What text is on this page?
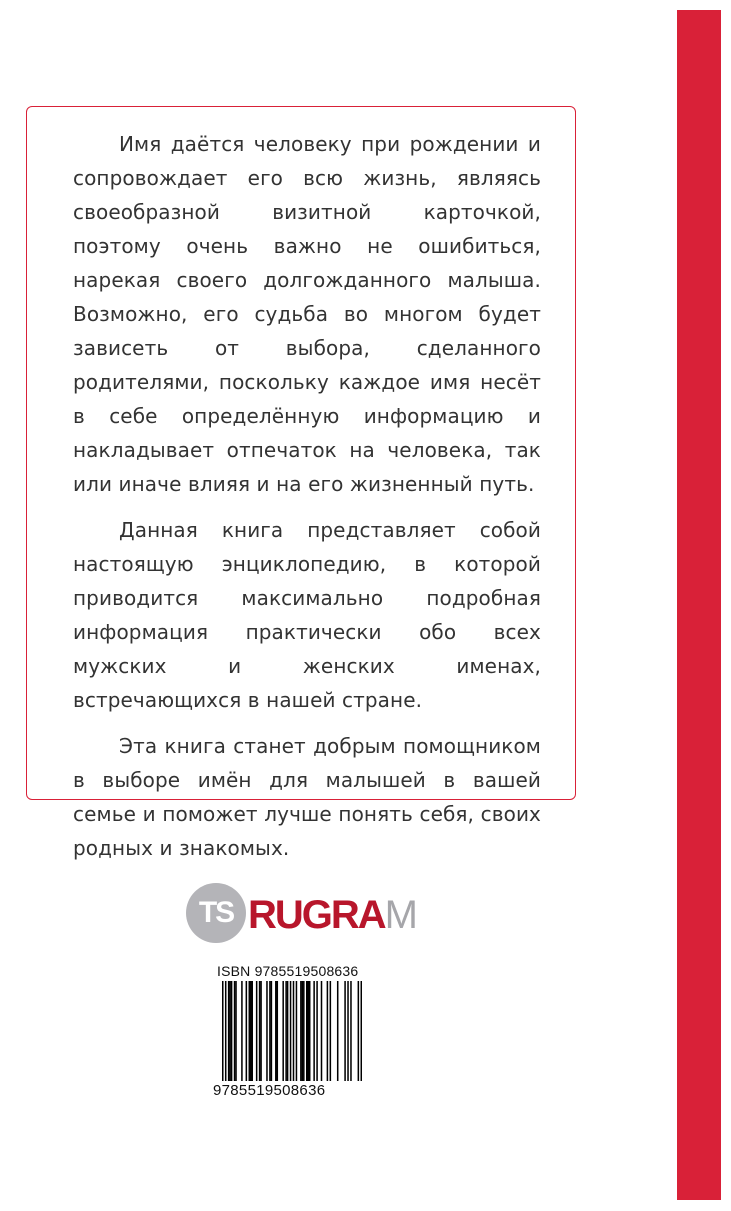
Имя даётся человеку при рождении и сопровождает его всю жизнь, являясь своеобразной визитной карточкой, поэтому очень важно не ошибиться, нарекая своего долгожданного малыша. Возможно, его судьба во многом будет зависеть от выбора, сделанного родителями, поскольку каждое имя несёт в себе определённую информацию и накладывает отпечаток на человека, так или иначе влияя и на его жизненный путь.

Данная книга представляет собой настоящую энциклопедию, в которой приводится максимально подробная информация практически обо всех мужских и женских именах, встречающихся в нашей стране.

Эта книга станет добрым помощником в выборе имён для малышей в вашей семье и поможет лучше понять себя, своих родных и знакомых.

TS RUGRAM
ISBN 9785519508636
9785519508636
